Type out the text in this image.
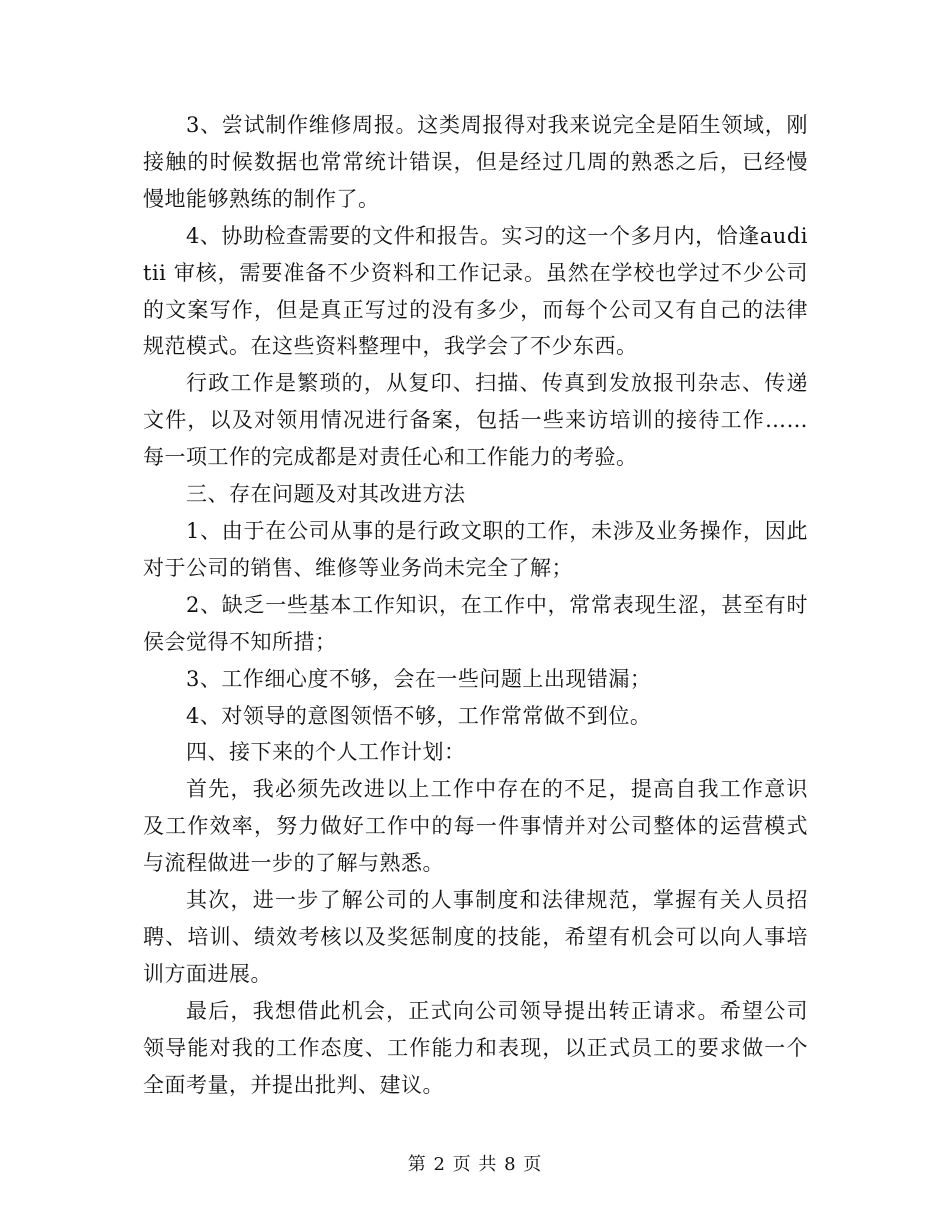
3、尝试制作维修周报。这类周报得对我来说完全是陌生领域，刚接触的时候数据也常常统计错误，但是经过几周的熟悉之后，已经慢慢地能够熟练的制作了。

4、协助检查需要的文件和报告。实习的这一个多月内，恰逢auditii 审核，需要准备不少资料和工作记录。虽然在学校也学过不少公司的文案写作，但是真正写过的没有多少，而每个公司又有自己的法律规范模式。在这些资料整理中，我学会了不少东西。

行政工作是繁琐的，从复印、扫描、传真到发放报刊杂志、传递文件，以及对领用情况进行备案，包括一些来访培训的接待工作……每一项工作的完成都是对责任心和工作能力的考验。

三、存在问题及对其改进方法

1、由于在公司从事的是行政文职的工作，未涉及业务操作，因此对于公司的销售、维修等业务尚未完全了解；

2、缺乏一些基本工作知识，在工作中，常常表现生涩，甚至有时侯会觉得不知所措；

3、工作细心度不够，会在一些问题上出现错漏；

4、对领导的意图领悟不够，工作常常做不到位。

四、接下来的个人工作计划：

首先，我必须先改进以上工作中存在的不足，提高自我工作意识及工作效率，努力做好工作中的每一件事情并对公司整体的运营模式与流程做进一步的了解与熟悉。

其次，进一步了解公司的人事制度和法律规范，掌握有关人员招聘、培训、绩效考核以及奖惩制度的技能，希望有机会可以向人事培训方面进展。

最后，我想借此机会，正式向公司领导提出转正请求。希望公司领导能对我的工作态度、工作能力和表现，以正式员工的要求做一个全面考量，并提出批判、建议。

第 2 页 共 8 页
